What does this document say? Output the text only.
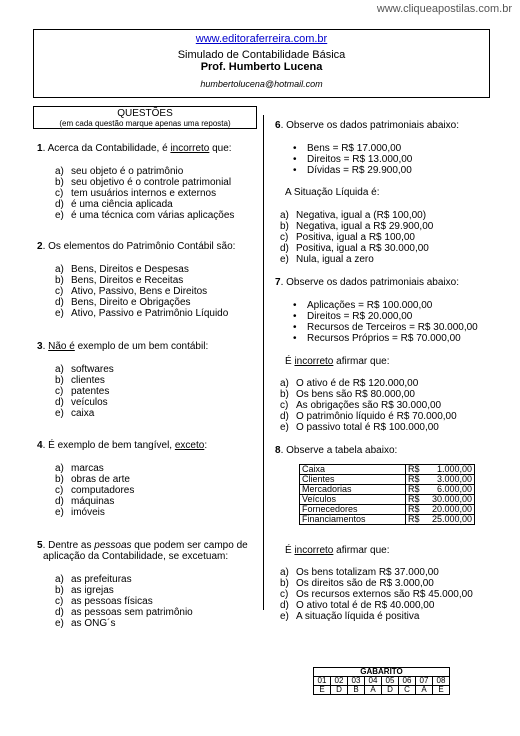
www.cliqueapostilas.com.br
www.editoraferreira.com.br
Simulado de Contabilidade Básica
Prof. Humberto Lucena
humbertolucena@hotmail.com
QUESTÕES
(em cada questão marque apenas uma reposta)
1. Acerca da Contabilidade, é incorreto que:
a) seu objeto é o patrimônio
b) seu objetivo é o controle patrimonial
c) tem usuários internos e externos
d) é uma ciência aplicada
e) é uma técnica com várias aplicações
2. Os elementos do Patrimônio Contábil são:
a) Bens, Direitos e Despesas
b) Bens, Direitos e Receitas
c) Ativo, Passivo, Bens e Direitos
d) Bens, Direito e Obrigações
e) Ativo, Passivo e Patrimônio Líquido
3. Não é exemplo de um bem contábil:
a) softwares
b) clientes
c) patentes
d) veículos
e) caixa
4. É exemplo de bem tangível, exceto:
a) marcas
b) obras de arte
c) computadores
d) máquinas
e) imóveis
5. Dentre as pessoas que podem ser campo de
aplicação da Contabilidade, se excetuam:
a) as prefeituras
b) as igrejas
c) as pessoas físicas
d) as pessoas sem patrimônio
e) as ONG´s
6. Observe os dados patrimoniais abaixo:
• Bens = R$ 17.000,00
• Direitos = R$ 13.000,00
• Dívidas = R$ 29.900,00
A Situação Líquida é:
a) Negativa, igual a (R$ 100,00)
b) Negativa, igual a R$ 29.900,00
c) Positiva, igual a R$ 100,00
d) Positiva, igual a R$ 30.000,00
e) Nula, igual a zero
7. Observe os dados patrimoniais abaixo:
• Aplicações = R$ 100.000,00
• Direitos = R$ 20.000,00
• Recursos de Terceiros = R$ 30.000,00
• Recursos Próprios = R$ 70.000,00
É incorreto afirmar que:
a) O ativo é de R$ 120.000,00
b) Os bens são R$ 80.000,00
c) As obrigações são R$ 30.000,00
d) O patrimônio líquido é R$ 70.000,00
e) O passivo total é R$ 100.000,00
8. Observe a tabela abaixo:
Caixa	R$	1.000,00
Clientes	R$	3.000,00
Mercadorias	R$	6.000,00
Veículos	R$	30.000,00
Fornecedores	R$	20.000,00
Financiamentos	R$	25.000,00
É incorreto afirmar que:
a) Os bens totalizam R$ 37.000,00
b) Os direitos são de R$ 3.000,00
c) Os recursos externos são R$ 45.000,00
d) O ativo total é de R$ 40.000,00
e) A situação líquida é positiva
GABARITO							
01	02	03	04	05	06	07	08
E	D	B	A	D	C	A	E
